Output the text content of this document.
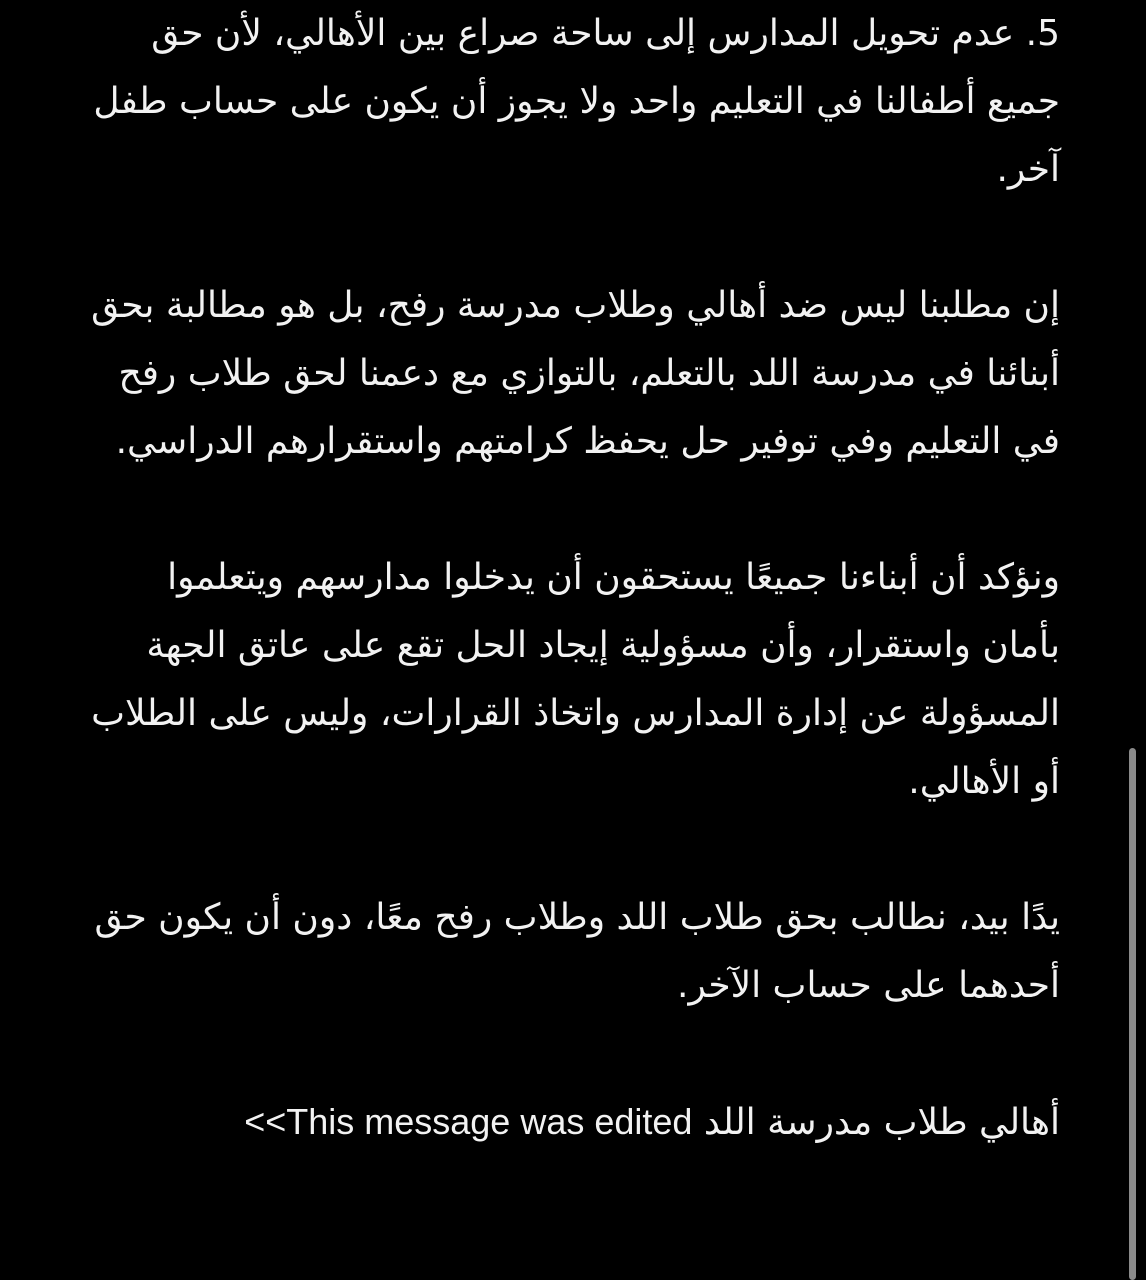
5. عدم تحويل المدارس إلى ساحة صراع بين الأهالي، لأن حق جميع أطفالنا في التعليم واحد ولا يجوز أن يكون على حساب طفل آخر.

إن مطلبنا ليس ضد أهالي وطلاب مدرسة رفح، بل هو مطالبة بحق أبنائنا في مدرسة اللد بالتعلم، بالتوازي مع دعمنا لحق طلاب رفح في التعليم وفي توفير حل يحفظ كرامتهم واستقرارهم الدراسي.

ونؤكد أن أبناءنا جميعًا يستحقون أن يدخلوا مدارسهم ويتعلموا بأمان واستقرار، وأن مسؤولية إيجاد الحل تقع على عاتق الجهة المسؤولة عن إدارة المدارس واتخاذ القرارات، وليس على الطلاب أو الأهالي.

يدًا بيد، نطالب بحق طلاب اللد وطلاب رفح معًا، دون أن يكون حق أحدهما على حساب الآخر.

أهالي طلاب مدرسة اللد <<This message was edited
